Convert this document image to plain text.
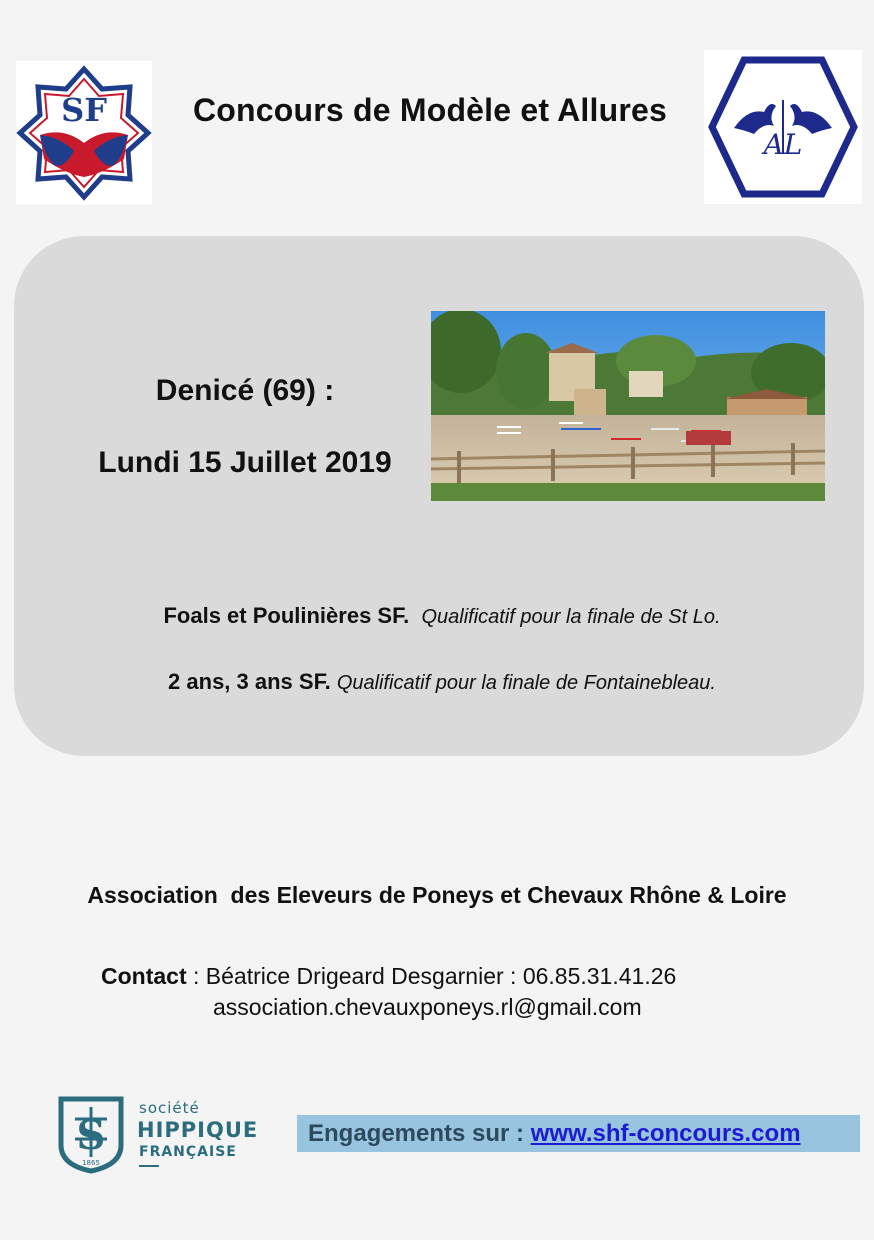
SF	Concours de Modèle et Allures
AL
Denicé (69) :
Lundi 15 Juillet 2019
Foals et Poulinières SF. Qualificatif pour la finale de St Lo.
2 ans, 3 ans SF. Qualificatif pour la finale de Fontainebleau.
Association  des Eleveurs de Poneys et Chevaux Rhône & Loire
Contact : Béatrice Drigeard Desgarnier : 06.85.31.41.26
association.chevauxponeys.rl@gmail.com
S
1865
société
HIPPIQUE
FRANÇAISE
Engagements sur : www.shf-concours.com
